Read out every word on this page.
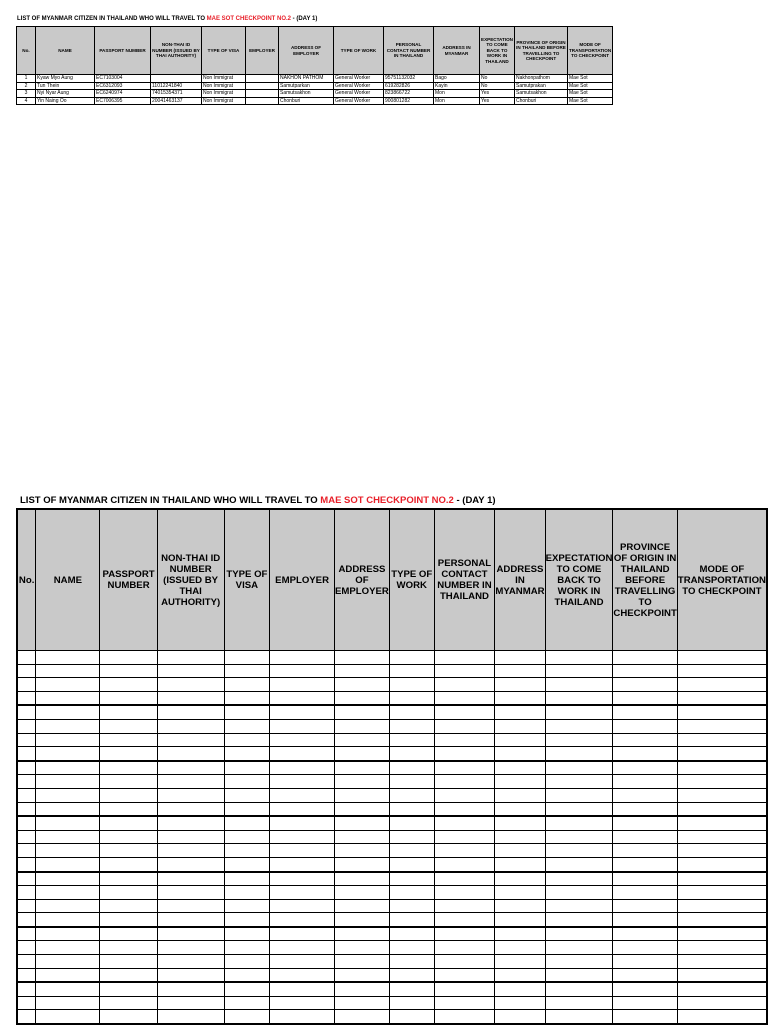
LIST OF MYANMAR CITIZEN IN THAILAND WHO WILL TRAVEL TO MAE SOT CHECKPOINT NO.2 - (DAY 1)
No.	NAME	PASSPORT NUMBER	NON-THAI ID NUMBER (ISSUED BY THAI AUTHORITY)	TYPE OF VISA	EMPLOYER	ADDRESS OF EMPLOYER	TYPE OF WORK	PERSONAL CONTACT NUMBER IN THAILAND	ADDRESS IN MYANMAR	EXPECTATION TO COME BACK TO WORK IN THAILAND	PROVINCE OF ORIGIN IN THAILAND BEFORE TRAVELLING TO CHECKPOINT	MODE OF TRANSPORTATION TO CHECKPOINT
1	Kyaw Myo Aung	EC7103004		Non Immigrat		NAKHON PATHOM	General Worker	95751132032	Bago	No	Nakhonpathom	Mae Sot
2	Tun Thein	EC6312093	11012241840	Non Immigrat		Samutparkan	General Worker	619282826	Kayin	No	Samutprakan	Mae Sot
3	Nyi Nyar Aung	EC6240974	74015354371	Non Immigrat		Samutsakhon	General Worker	823866722	Mon	Yes	Samutsakhon	Mae Sot
4	Yin Naing Oo	EC7006395	20041463137	Non Immigrat		Chonburi	General Worker	900801282	Mon	Yes	Chonburi	Mae Sot
LIST OF MYANMAR CITIZEN IN THAILAND WHO WILL TRAVEL TO MAE SOT CHECKPOINT NO.2 - (DAY 1)
No.	NAME	PASSPORT NUMBER	NON-THAI ID NUMBER (ISSUED BY THAI AUTHORITY)	TYPE OF VISA	EMPLOYER	ADDRESS OF EMPLOYER	TYPE OF WORK	PERSONAL CONTACT NUMBER IN THAILAND	ADDRESS IN MYANMAR	EXPECTATION TO COME BACK TO WORK IN THAILAND	PROVINCE OF ORIGIN IN THAILAND BEFORE TRAVELLING TO CHECKPOINT	MODE OF TRANSPORTATION TO CHECKPOINT
